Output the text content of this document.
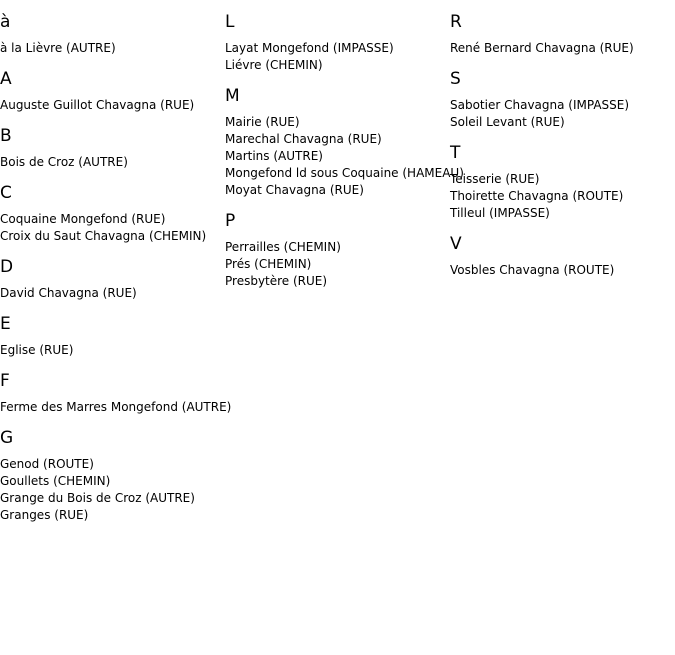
à
à la Lièvre (AUTRE)
A
Auguste Guillot Chavagna (RUE)
B
Bois de Croz (AUTRE)
C
Coquaine Mongefond (RUE)
Croix du Saut Chavagna (CHEMIN)
D
David Chavagna (RUE)
E
Eglise (RUE)
F
Ferme des Marres Mongefond (AUTRE)
G
Genod (ROUTE)
Goullets (CHEMIN)
Grange du Bois de Croz (AUTRE)
Granges (RUE)
L
Layat Mongefond (IMPASSE)
Liévre (CHEMIN)
M
Mairie (RUE)
Marechal Chavagna (RUE)
Martins (AUTRE)
Mongefond ld sous Coquaine (HAMEAU)
Moyat Chavagna (RUE)
P
Perrailles (CHEMIN)
Prés (CHEMIN)
Presbytère (RUE)
R
René Bernard Chavagna (RUE)
S
Sabotier Chavagna (IMPASSE)
Soleil Levant (RUE)
T
Teisserie (RUE)
Thoirette Chavagna (ROUTE)
Tilleul (IMPASSE)
V
Vosbles Chavagna (ROUTE)
